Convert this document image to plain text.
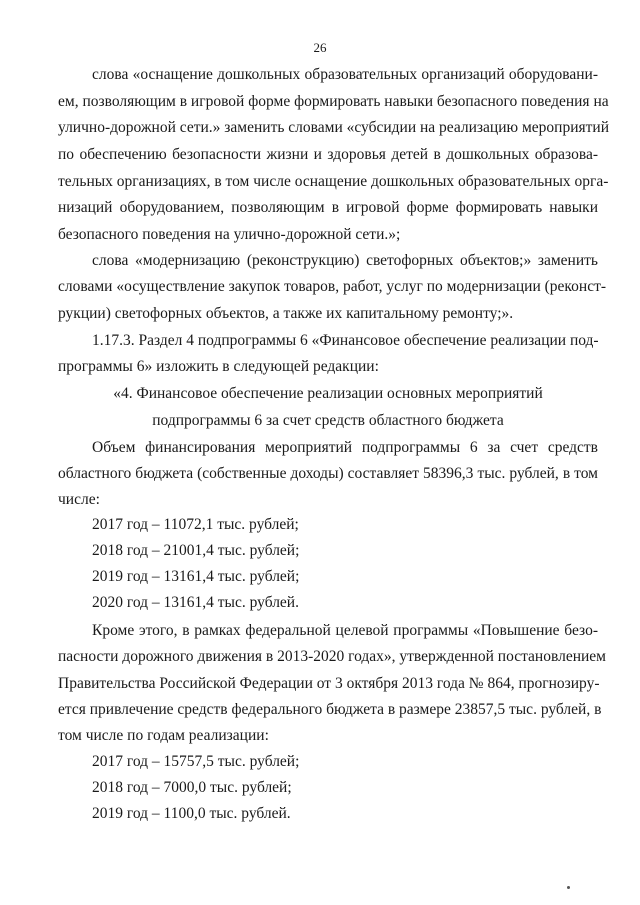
26
слова «оснащение дошкольных образовательных организаций оборудовани-
ем, позволяющим в игровой форме формировать навыки безопасного поведения на
улично-дорожной сети.» заменить словами «субсидии на реализацию мероприятий
по обеспечению безопасности жизни и здоровья детей в дошкольных образова-
тельных организациях, в том числе оснащение дошкольных образовательных орга-
низаций оборудованием, позволяющим в игровой форме формировать навыки
безопасного поведения на улично-дорожной сети.»;
слова «модернизацию (реконструкцию) светофорных объектов;» заменить
словами «осуществление закупок товаров, работ, услуг по модернизации (реконст-
рукции) светофорных объектов, а также их капитальному ремонту;».
1.17.3. Раздел 4 подпрограммы 6 «Финансовое обеспечение реализации под-
программы 6» изложить в следующей редакции:
«4. Финансовое обеспечение реализации основных мероприятий
подпрограммы 6 за счет средств областного бюджета
Объем финансирования мероприятий подпрограммы 6 за счет средств
областного бюджета (собственные доходы) составляет 58396,3 тыс. рублей, в том
числе:
2017 год – 11072,1 тыс. рублей;
2018 год – 21001,4 тыс. рублей;
2019 год – 13161,4 тыс. рублей;
2020 год – 13161,4 тыс. рублей.
Кроме этого, в рамках федеральной целевой программы «Повышение безо-
пасности дорожного движения в 2013-2020 годах», утвержденной постановлением
Правительства Российской Федерации от 3 октября 2013 года № 864, прогнозиру-
ется привлечение средств федерального бюджета в размере 23857,5 тыс. рублей, в
том числе по годам реализации:
2017 год – 15757,5 тыс. рублей;
2018 год – 7000,0 тыс. рублей;
2019 год – 1100,0 тыс. рублей.
